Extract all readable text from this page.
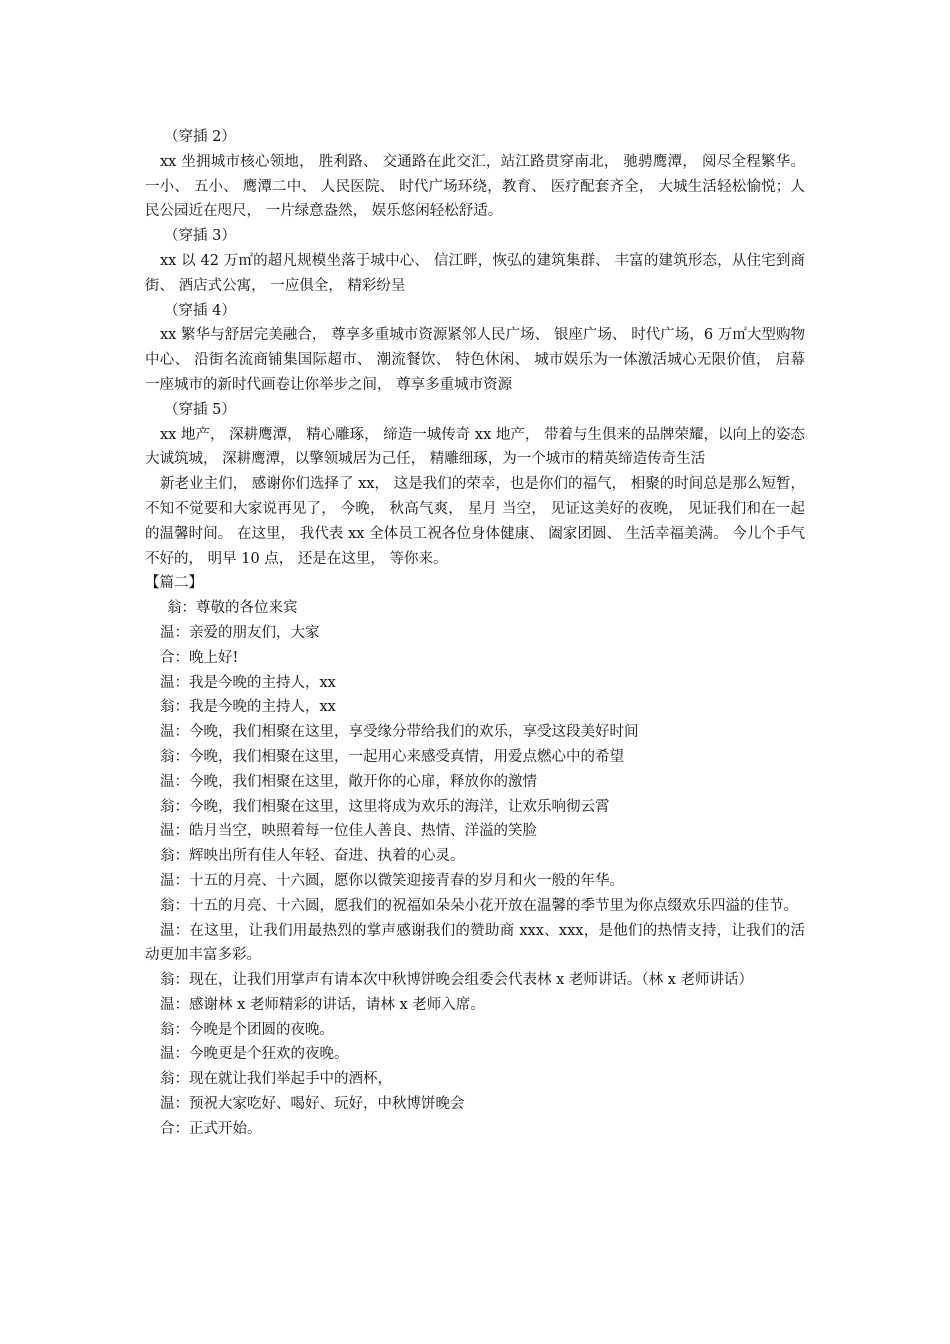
（穿插 2）

xx 坐拥城市核心领地， 胜利路、 交通路在此交汇，站江路贯穿南北， 驰骋鹰潭， 阅尽全程繁华。一小、 五小、 鹰潭二中、 人民医院、 时代广场环绕，教育、 医疗配套齐全， 大城生活轻松愉悦；人民公园近在咫尺， 一片绿意盎然， 娱乐悠闲轻松舒适。

（穿插 3）

xx 以 42 万㎡的超凡规模坐落于城中心、 信江畔，恢弘的建筑集群、 丰富的建筑形态，从住宅到商街、 酒店式公寓， 一应俱全， 精彩纷呈

（穿插 4）

xx 繁华与舒居完美融合， 尊享多重城市资源紧邻人民广场、 银座广场、 时代广场，6 万㎡大型购物中心、 沿街名流商铺集国际超市、 潮流餐饮、 特色休闲、 城市娱乐为一体激活城心无限价值， 启幕一座城市的新时代画卷让你举步之间， 尊享多重城市资源

（穿插 5）

xx 地产， 深耕鹰潭， 精心雕琢， 缔造一城传奇 xx 地产， 带着与生俱来的品牌荣耀，以向上的姿态大诚筑城， 深耕鹰潭，以擎领城居为己任， 精雕细琢，为一个城市的精英缔造传奇生活

新老业主们， 感谢你们选择了 xx， 这是我们的荣幸，也是你们的福气， 相聚的时间总是那么短暂， 不知不觉要和大家说再见了， 今晚， 秋高气爽， 星月 当空， 见证这美好的夜晚， 见证我们和在一起的温馨时间。 在这里， 我代表 xx 全体员工祝各位身体健康、 阖家团圆、 生活幸福美满。 今儿个手气不好的， 明早 10 点， 还是在这里， 等你来。

【篇二】

翁：尊敬的各位来宾

温：亲爱的朋友们，大家

合：晚上好!

温：我是今晚的主持人，xx

翁：我是今晚的主持人，xx

温：今晚，我们相聚在这里，享受缘分带给我们的欢乐，享受这段美好时间

翁：今晚，我们相聚在这里，一起用心来感受真情，用爱点燃心中的希望

温：今晚，我们相聚在这里，敞开你的心扉，释放你的激情

翁：今晚，我们相聚在这里，这里将成为欢乐的海洋，让欢乐响彻云霄

温：皓月当空，映照着每一位佳人善良、热情、洋溢的笑脸

翁：辉映出所有佳人年轻、奋进、执着的心灵。

温：十五的月亮、十六圆，愿你以微笑迎接青春的岁月和火一般的年华。

翁：十五的月亮、十六圆，愿我们的祝福如朵朵小花开放在温馨的季节里为你点缀欢乐四溢的佳节。

温：在这里，让我们用最热烈的掌声感谢我们的赞助商 xxx、xxx，是他们的热情支持，让我们的活动更加丰富多彩。

翁：现在，让我们用掌声有请本次中秋博饼晚会组委会代表林 x 老师讲话。（林 x 老师讲话）

温：感谢林 x 老师精彩的讲话，请林 x 老师入席。

翁：今晚是个团圆的夜晚。

温：今晚更是个狂欢的夜晚。

翁：现在就让我们举起手中的酒杯，

温：预祝大家吃好、喝好、玩好，中秋博饼晚会

合：正式开始。
